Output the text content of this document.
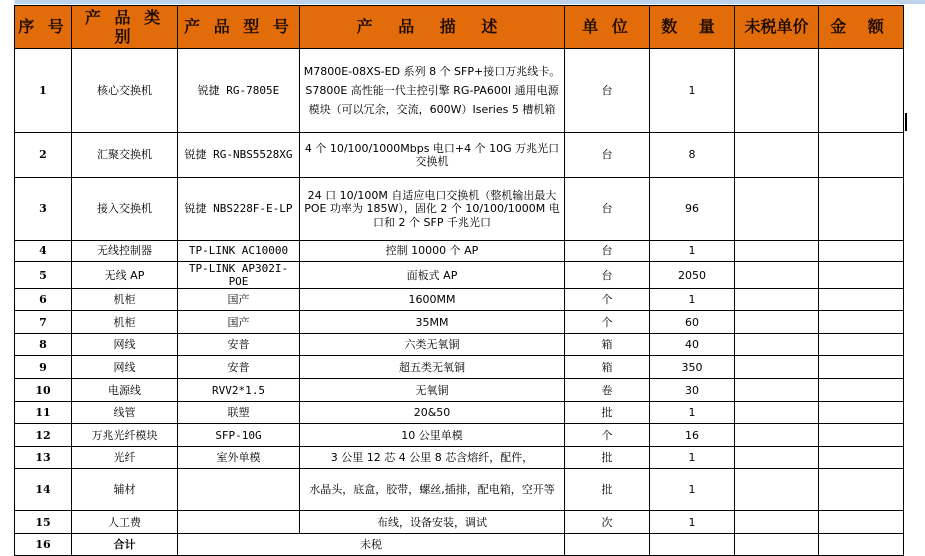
序 号	产 品 类 别	产 品 型 号	产 品 描 述	单 位	数 量	未税单价	金 额
1	核心交换机	锐捷 RG-7805E	M7800E-08XS-ED 系列 8 个 SFP+接口万兆线卡。S7800E 高性能一代主控引擎 RG-PA600I 通用电源模块（可以冗余，交流，600W）Iseries 5 槽机箱	台	1		
2	汇聚交换机	锐捷 RG-NBS5528XG	4 个 10/100/1000Mbps 电口+4 个 10G 万兆光口交换机	台	8		
3	接入交换机	锐捷 NBS228F-E-LP	24 口 10/100M 自适应电口交换机（整机输出最大 POE 功率为 185W），固化 2 个 10/100/1000M 电口和 2 个 SFP 千兆光口	台	96		
4	无线控制器	TP-LINK AC10000	控制 10000 个 AP	台	1		
5	无线 AP	TP-LINK AP302I-POE	面板式 AP	台	2050		
6	机柜	国产	1600MM	个	1		
7	机柜	国产	35MM	个	60		
8	网线	安普	六类无氧铜	箱	40		
9	网线	安普	超五类无氧铜	箱	350		
10	电源线	RVV2*1.5	无氧铜	卷	30		
11	线管	联塑	20&50	批	1		
12	万兆光纤模块	SFP-10G	10 公里单模	个	16		
13	光纤	室外单模	3 公里 12 芯 4 公里 8 芯含熔纤，配件，	批	1		
14	辅材		水晶头，底盒，胶带，螺丝,插排，配电箱，空开等	批	1		
15	人工费		布线，设备安装，调试	次	1		
16	合计	未税					
